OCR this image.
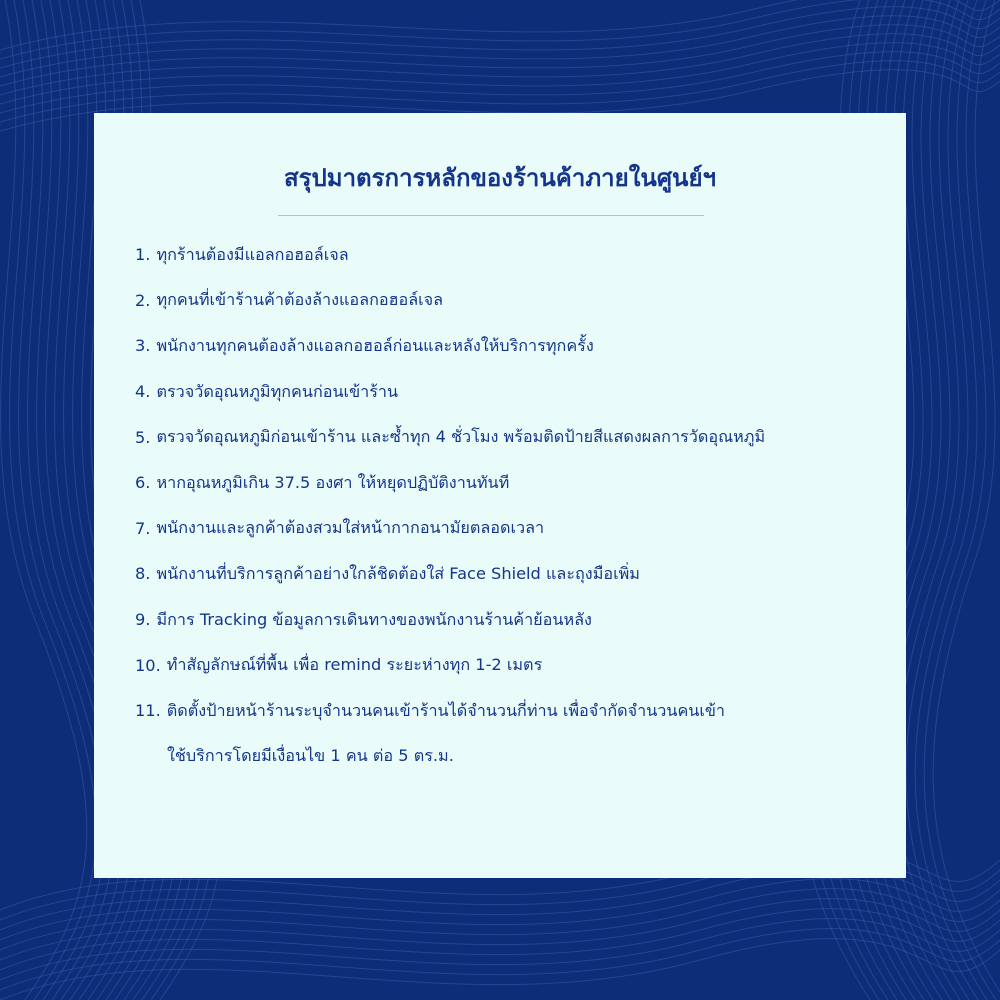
สรุปมาตรการหลักของร้านค้าภายในศูนย์ฯ
1. ทุกร้านต้องมีแอลกอฮอล์เจล
2. ทุกคนที่เข้าร้านค้าต้องล้างแอลกอฮอล์เจล
3. พนักงานทุกคนต้องล้างแอลกอฮอล์ก่อนและหลังให้บริการทุกครั้ง
4. ตรวจวัดอุณหภูมิทุกคนก่อนเข้าร้าน
5. ตรวจวัดอุณหภูมิก่อนเข้าร้าน และซ้ำทุก 4 ชั่วโมง พร้อมติดป้ายสีแสดงผลการวัดอุณหภูมิ
6. หากอุณหภูมิเกิน 37.5 องศา ให้หยุดปฏิบัติงานทันที
7. พนักงานและลูกค้าต้องสวมใส่หน้ากากอนามัยตลอดเวลา
8. พนักงานที่บริการลูกค้าอย่างใกล้ชิดต้องใส่ Face Shield และถุงมือเพิ่ม
9. มีการ Tracking ข้อมูลการเดินทางของพนักงานร้านค้าย้อนหลัง
10. ทำสัญลักษณ์ที่พื้น เพื่อ remind ระยะห่างทุก 1-2 เมตร
11. ติดตั้งป้ายหน้าร้านระบุจำนวนคนเข้าร้านได้จำนวนกี่ท่าน เพื่อจำกัดจำนวนคนเข้า
ใช้บริการโดยมีเงื่อนไข 1 คน ต่อ 5 ตร.ม.
